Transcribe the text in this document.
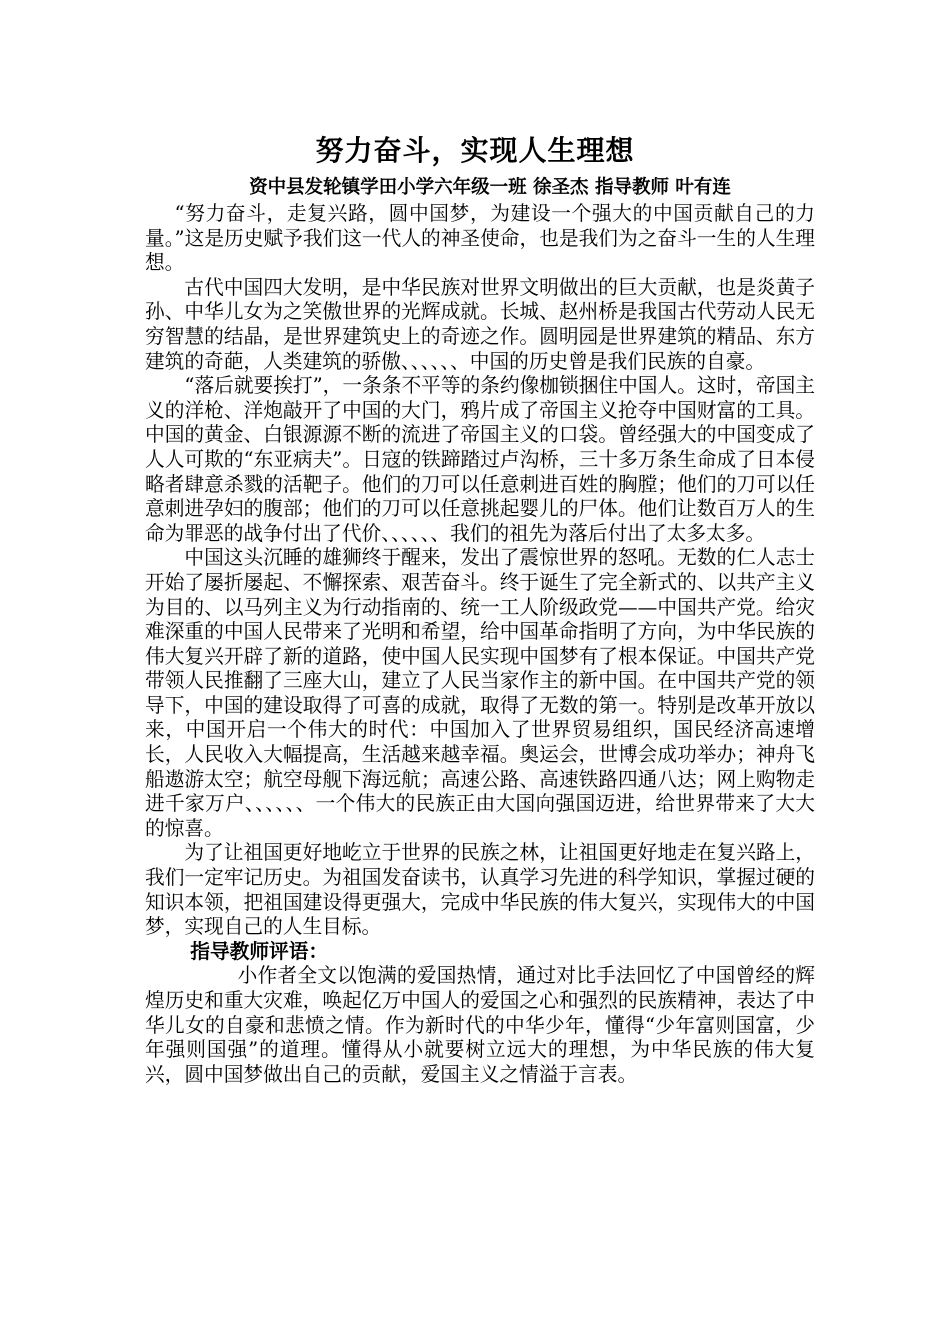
努力奋斗，实现人生理想
资中县发轮镇学田小学六年级一班 徐圣杰 指导教师 叶有连

“努力奋斗，走复兴路，圆中国梦，为建设一个强大的中国贡献自己的力量。”这是历史赋予我们这一代人的神圣使命，也是我们为之奋斗一生的人生理想。

古代中国四大发明，是中华民族对世界文明做出的巨大贡献，也是炎黄子孙、中华儿女为之笑傲世界的光辉成就。长城、赵州桥是我国古代劳动人民无穷智慧的结晶，是世界建筑史上的奇迹之作。圆明园是世界建筑的精品、东方建筑的奇葩，人类建筑的骄傲、、、、、、中国的历史曾是我们民族的自豪。

“落后就要挨打”，一条条不平等的条约像枷锁捆住中国人。这时，帝国主义的洋枪、洋炮敲开了中国的大门，鸦片成了帝国主义抢夺中国财富的工具。中国的黄金、白银源源不断的流进了帝国主义的口袋。曾经强大的中国变成了人人可欺的“东亚病夫”。日寇的铁蹄踏过卢沟桥，三十多万条生命成了日本侵略者肆意杀戮的活靶子。他们的刀可以任意刺进百姓的胸膛；他们的刀可以任意刺进孕妇的腹部；他们的刀可以任意挑起婴儿的尸体。他们让数百万人的生命为罪恶的战争付出了代价、、、、、、我们的祖先为落后付出了太多太多。

中国这头沉睡的雄狮终于醒来，发出了震惊世界的怒吼。无数的仁人志士开始了屡折屡起、不懈探索、艰苦奋斗。终于诞生了完全新式的、以共产主义为目的、以马列主义为行动指南的、统一工人阶级政党——中国共产党。给灾难深重的中国人民带来了光明和希望，给中国革命指明了方向，为中华民族的伟大复兴开辟了新的道路，使中国人民实现中国梦有了根本保证。中国共产党带领人民推翻了三座大山，建立了人民当家作主的新中国。在中国共产党的领导下，中国的建设取得了可喜的成就，取得了无数的第一。特别是改革开放以来，中国开启一个伟大的时代：中国加入了世界贸易组织，国民经济高速增长，人民收入大幅提高，生活越来越幸福。奥运会，世博会成功举办；神舟飞船遨游太空；航空母舰下海远航；高速公路、高速铁路四通八达；网上购物走进千家万户、、、、、、一个伟大的民族正由大国向强国迈进，给世界带来了大大的惊喜。

为了让祖国更好地屹立于世界的民族之林，让祖国更好地走在复兴路上，我们一定牢记历史。为祖国发奋读书，认真学习先进的科学知识，掌握过硬的知识本领，把祖国建设得更强大，完成中华民族的伟大复兴，实现伟大的中国梦，实现自己的人生目标。

指导教师评语：

小作者全文以饱满的爱国热情，通过对比手法回忆了中国曾经的辉煌历史和重大灾难，唤起亿万中国人的爱国之心和强烈的民族精神，表达了中华儿女的自豪和悲愤之情。作为新时代的中华少年，懂得“少年富则国富，少年强则国强”的道理。懂得从小就要树立远大的理想，为中华民族的伟大复兴，圆中国梦做出自己的贡献，爱国主义之情溢于言表。
